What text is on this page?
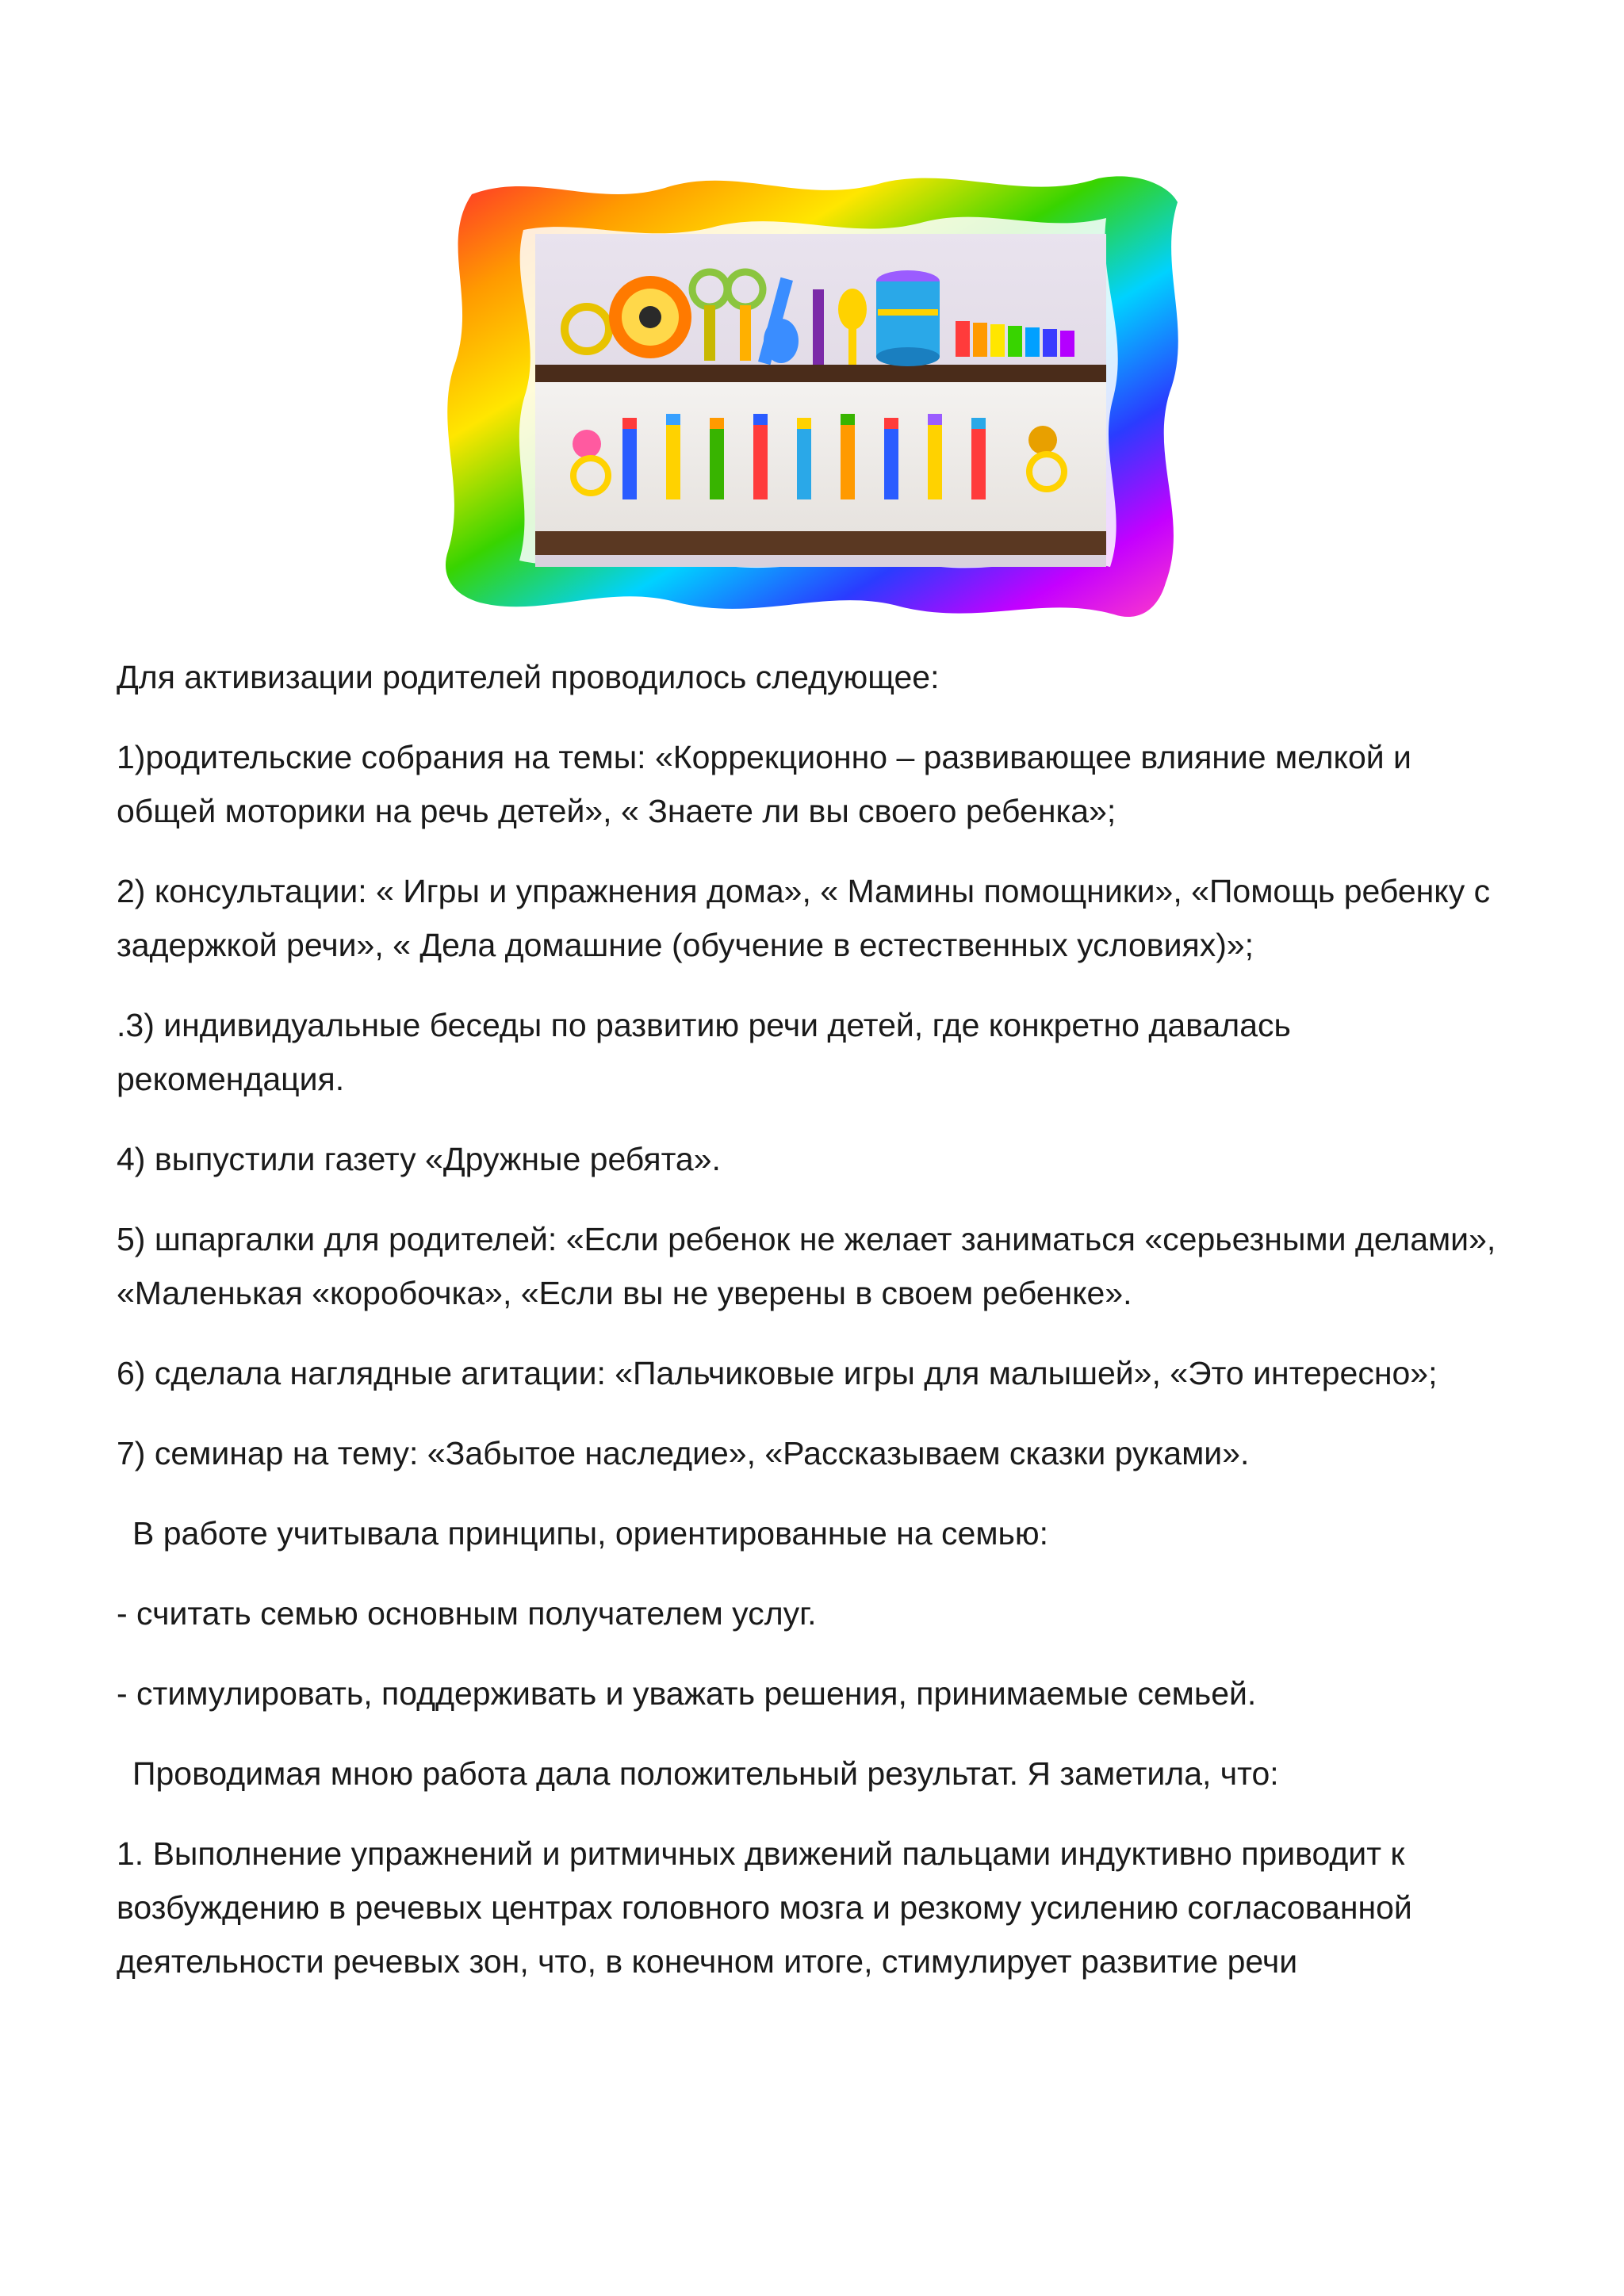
Для активизации родителей проводилось следующее:

1)родительские собрания на темы: «Коррекционно – развивающее влияние мелкой и общей моторики на речь детей», « Знаете ли вы своего ребенка»;

2) консультации: « Игры и упражнения дома», « Мамины помощники», «Помощь ребенку с задержкой речи», « Дела домашние (обучение в естественных условиях)»;

.3) индивидуальные беседы по развитию речи детей, где конкретно давалась рекомендация.

4) выпустили газету «Дружные ребята».

5) шпаргалки для родителей: «Если ребенок не желает заниматься «серьезными делами», «Маленькая «коробочка», «Если вы не уверены в своем ребенке».

6) сделала наглядные агитации: «Пальчиковые игры для малышей», «Это интересно»;

7) семинар на тему: «Забытое наследие», «Рассказываем сказки руками».

В работе учитывала принципы, ориентированные на семью:

- считать семью основным получателем услуг.

- стимулировать, поддерживать и уважать решения, принимаемые семьей.

Проводимая мною работа дала положительный результат. Я заметила, что:

1. Выполнение упражнений и ритмичных движений пальцами индуктивно приводит к возбуждению в речевых центрах головного мозга и резкому усилению согласованной деятельности речевых зон, что, в конечном итоге, стимулирует развитие речи
